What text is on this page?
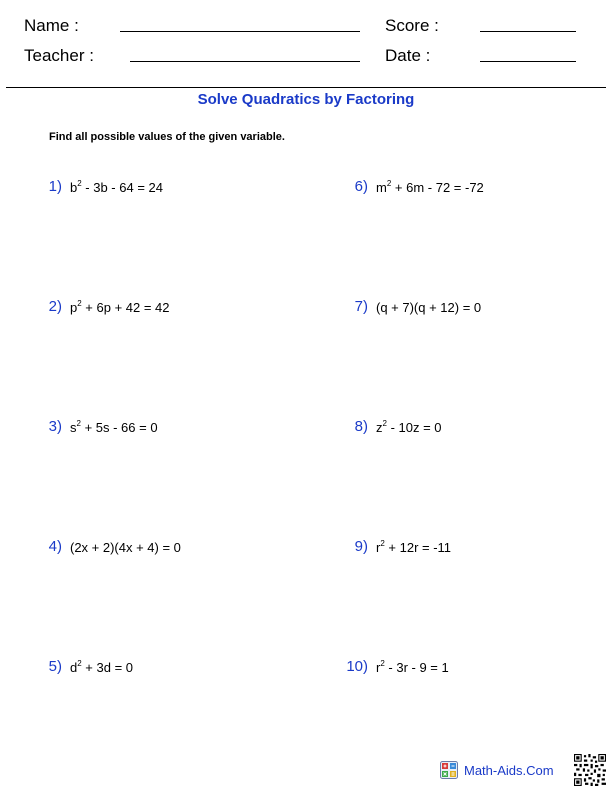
Name :	Score :
Teacher :	Date :
Solve Quadratics by Factoring
Find all possible values of the given variable.
1) $b^2 - 3b - 64 = 24$
2) $p^2 + 6p + 42 = 42$
3) $s^2 + 5s - 66 = 0$
4) (2x + 2)(4x + 4) = 0
5) $d^2 + 3d = 0$
6) $m^2 + 6m - 72 = -72$
7) (q + 7)(q + 12) = 0
8) $z^2 - 10z = 0$
9) $r^2 + 12r = -11$
10) $r^2 - 3r - 9 = 1$
Math-Aids.Com
